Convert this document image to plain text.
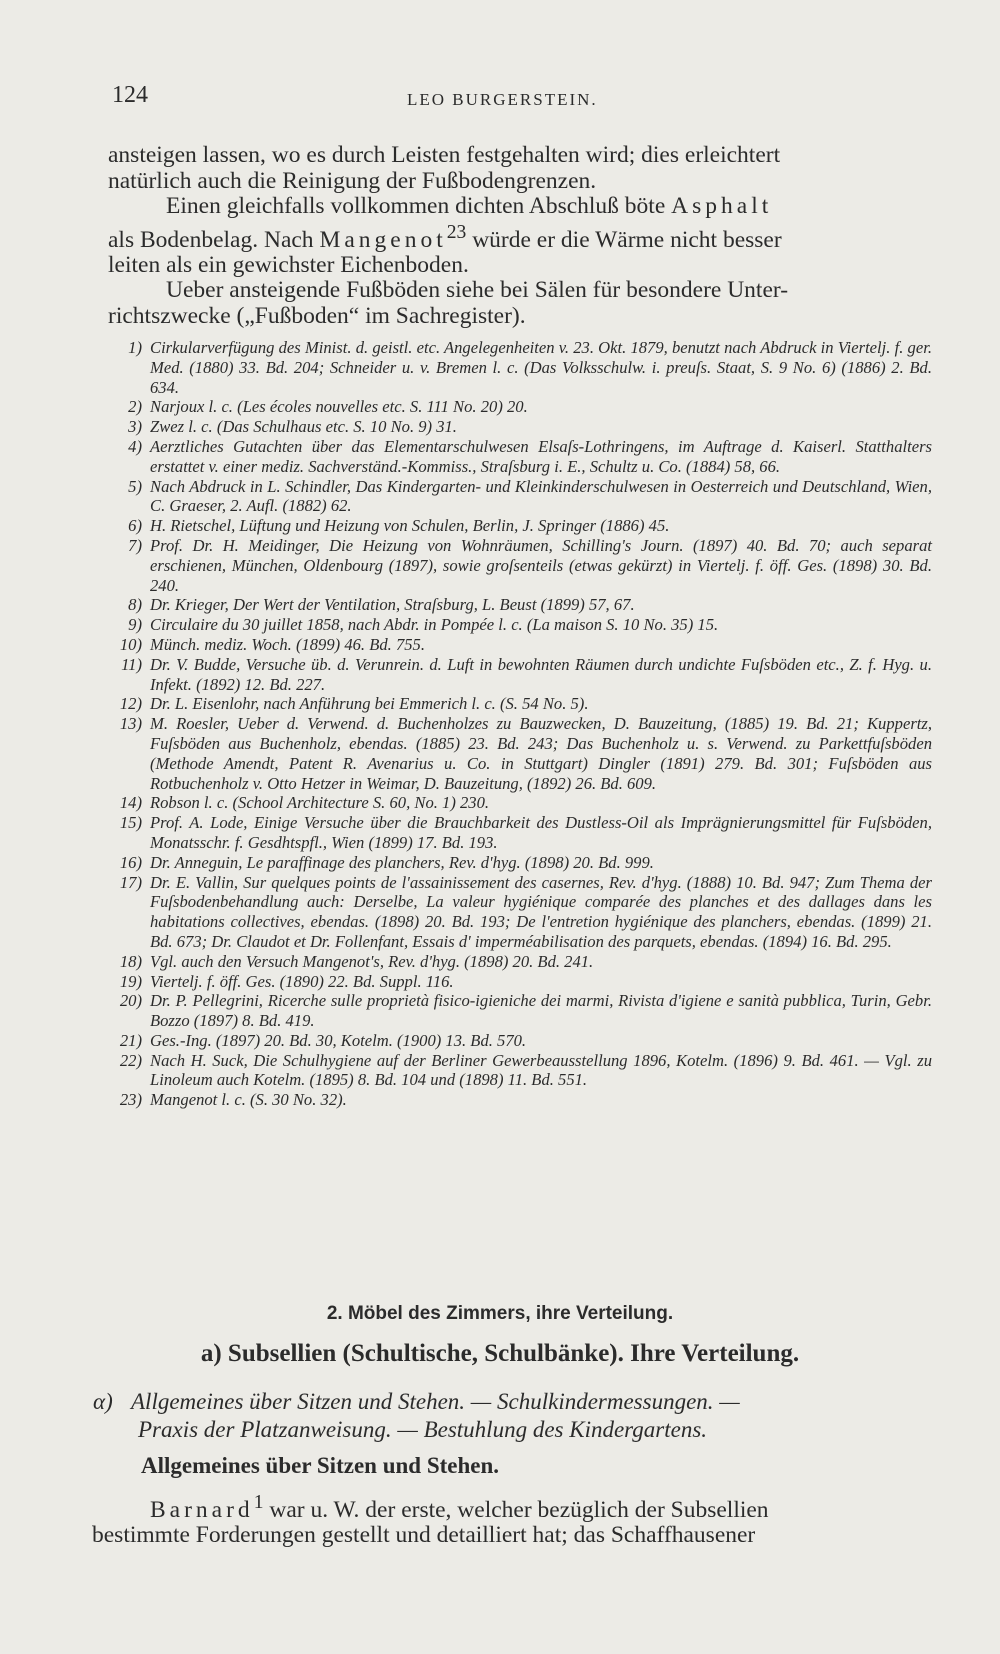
124	LEO BURGERSTEIN.

ansteigen lassen, wo es durch Leisten festgehalten wird; dies erleichtert
natürlich auch die Reinigung der Fußbodengrenzen.

Einen gleichfalls vollkommen dichten Abschluß böte Asphalt
als Bodenbelag. Nach Mangenot$^{23}$ würde er die Wärme nicht besser
leiten als ein gewichster Eichenboden.

Ueber ansteigende Fußböden siehe bei Sälen für besondere Unter-
richtszwecke („Fußboden“ im Sachregister).

1) Cirkularverfügung des Minist. d. geistl. etc. Angelegenheiten v. 23. Okt. 1879, benutzt nach Abdruck in Viertelj. f. ger. Med. (1880) 33. Bd. 204; Schneider u. v. Bremen l. c. (Das Volksschulw. i. preuſs. Staat, S. 9 No. 6) (1886) 2. Bd. 634.
2) Narjoux l. c. (Les écoles nouvelles etc. S. 111 No. 20) 20.
3) Zwez l. c. (Das Schulhaus etc. S. 10 No. 9) 31.
4) Aerztliches Gutachten über das Elementarschulwesen Elsaſs-Lothringens, im Auftrage d. Kaiserl. Statthalters erstattet v. einer mediz. Sachverständ.-Kommiss., Straſsburg i. E., Schultz u. Co. (1884) 58, 66.
5) Nach Abdruck in L. Schindler, Das Kindergarten- und Kleinkinderschulwesen in Oesterreich und Deutschland, Wien, C. Graeser, 2. Aufl. (1882) 62.
6) H. Rietschel, Lüftung und Heizung von Schulen, Berlin, J. Springer (1886) 45.
7) Prof. Dr. H. Meidinger, Die Heizung von Wohnräumen, Schilling's Journ. (1897) 40. Bd. 70; auch separat erschienen, München, Oldenbourg (1897), sowie groſsenteils (etwas gekürzt) in Viertelj. f. öff. Ges. (1898) 30. Bd. 240.
8) Dr. Krieger, Der Wert der Ventilation, Straſsburg, L. Beust (1899) 57, 67.
9) Circulaire du 30 juillet 1858, nach Abdr. in Pompée l. c. (La maison S. 10 No. 35) 15.
10) Münch. mediz. Woch. (1899) 46. Bd. 755.
11) Dr. V. Budde, Versuche üb. d. Verunrein. d. Luft in bewohnten Räumen durch undichte Fuſsböden etc., Z. f. Hyg. u. Infekt. (1892) 12. Bd. 227.
12) Dr. L. Eisenlohr, nach Anführung bei Emmerich l. c. (S. 54 No. 5).
13) M. Roesler, Ueber d. Verwend. d. Buchenholzes zu Bauzwecken, D. Bauzeitung, (1885) 19. Bd. 21; Kuppertz, Fuſsböden aus Buchenholz, ebendas. (1885) 23. Bd. 243; Das Buchenholz u. s. Verwend. zu Parkettfuſsböden (Methode Amendt, Patent R. Avenarius u. Co. in Stuttgart) Dingler (1891) 279. Bd. 301; Fuſsböden aus Rotbuchenholz v. Otto Hetzer in Weimar, D. Bauzeitung, (1892) 26. Bd. 609.
14) Robson l. c. (School Architecture S. 60, No. 1) 230.
15) Prof. A. Lode, Einige Versuche über die Brauchbarkeit des Dustless-Oil als Imprägnierungsmittel für Fuſsböden, Monatsschr. f. Gesdhtspfl., Wien (1899) 17. Bd. 193.
16) Dr. Anneguin, Le paraffinage des planchers, Rev. d'hyg. (1898) 20. Bd. 999.
17) Dr. E. Vallin, Sur quelques points de l'assainissement des casernes, Rev. d'hyg. (1888) 10. Bd. 947; Zum Thema der Fuſsbodenbehandlung auch: Derselbe, La valeur hygiénique comparée des planches et des dallages dans les habitations collectives, ebendas. (1898) 20. Bd. 193; De l'entretion hygiénique des planchers, ebendas. (1899) 21. Bd. 673; Dr. Claudot et Dr. Follenfant, Essais d' imperméabilisation des parquets, ebendas. (1894) 16. Bd. 295.
18) Vgl. auch den Versuch Mangenot's, Rev. d'hyg. (1898) 20. Bd. 241.
19) Viertelj. f. öff. Ges. (1890) 22. Bd. Suppl. 116.
20) Dr. P. Pellegrini, Ricerche sulle proprietà fisico-igieniche dei marmi, Rivista d'igiene e sanità pubblica, Turin, Gebr. Bozzo (1897) 8. Bd. 419.
21) Ges.-Ing. (1897) 20. Bd. 30, Kotelm. (1900) 13. Bd. 570.
22) Nach H. Suck, Die Schulhygiene auf der Berliner Gewerbeausstellung 1896, Kotelm. (1896) 9. Bd. 461. — Vgl. zu Linoleum auch Kotelm. (1895) 8. Bd. 104 und (1898) 11. Bd. 551.
23) Mangenot l. c. (S. 30 No. 32).
2. Möbel des Zimmers, ihre Verteilung.
a) Subsellien (Schultische, Schulbänke). Ihre Verteilung.
α) Allgemeines über Sitzen und Stehen. — Schulkindermessungen. —
Praxis der Platzanweisung. — Bestuhlung des Kindergartens.
Allgemeines über Sitzen und Stehen.

Barnard$^1$ war u. W. der erste, welcher bezüglich der Subsellien
bestimmte Forderungen gestellt und detailliert hat; das Schaffhausener
